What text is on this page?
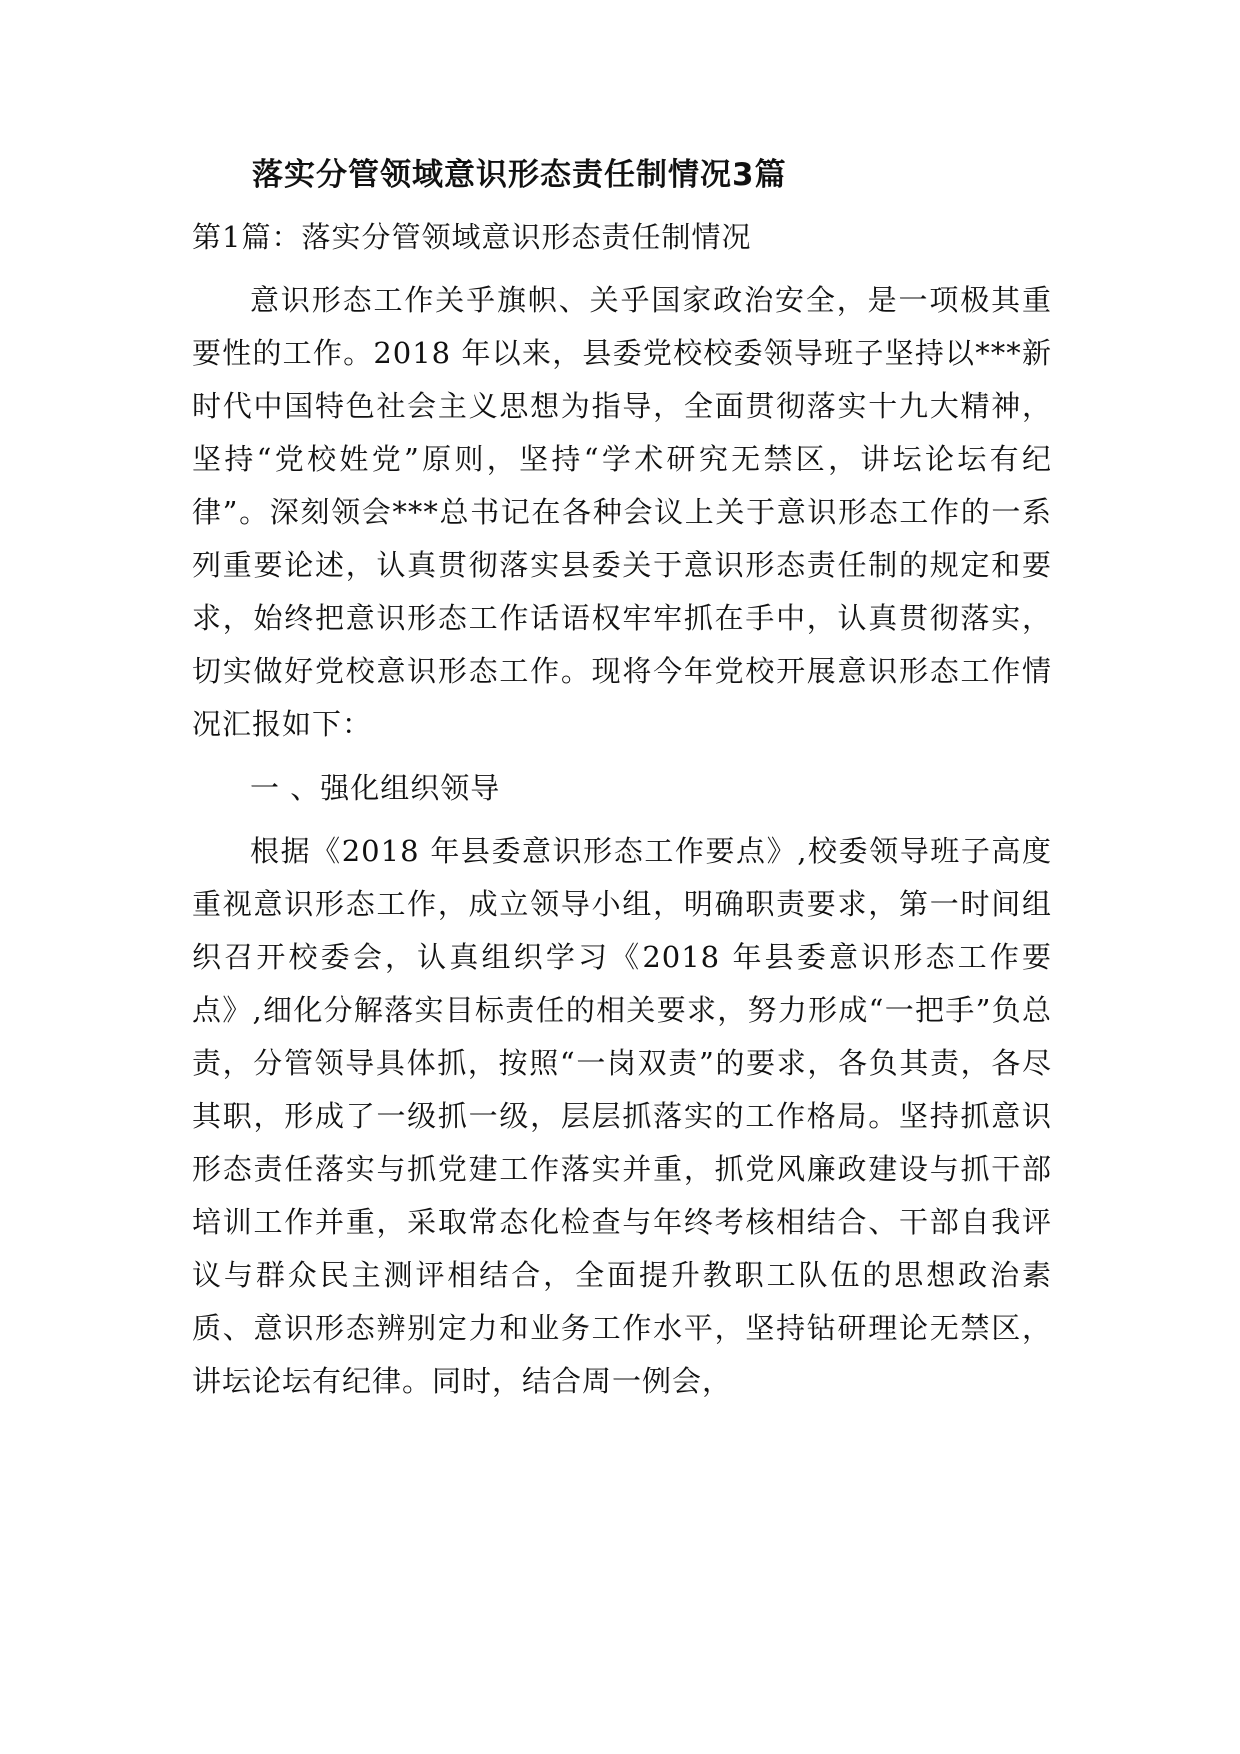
落实分管领域意识形态责任制情况3篇

第1篇：落实分管领域意识形态责任制情况

意识形态工作关乎旗帜、关乎国家政治安全，是一项极其重要性的工作。2018 年以来，县委党校校委领导班子坚持以***新时代中国特色社会主义思想为指导，全面贯彻落实十九大精神，坚持“党校姓党”原则，坚持“学术研究无禁区，讲坛论坛有纪律”。深刻领会***总书记在各种会议上关于意识形态工作的一系列重要论述，认真贯彻落实县委关于意识形态责任制的规定和要求，始终把意识形态工作话语权牢牢抓在手中，认真贯彻落实，切实做好党校意识形态工作。现将今年党校开展意识形态工作情况汇报如下：

一 、强化组织领导

根据《2018 年县委意识形态工作要点》,校委领导班子高度重视意识形态工作，成立领导小组，明确职责要求，第一时间组织召开校委会，认真组织学习《2018 年县委意识形态工作要点》,细化分解落实目标责任的相关要求，努力形成“一把手”负总责，分管领导具体抓，按照“一岗双责”的要求，各负其责，各尽其职，形成了一级抓一级，层层抓落实的工作格局。坚持抓意识形态责任落实与抓党建工作落实并重，抓党风廉政建设与抓干部培训工作并重，采取常态化检查与年终考核相结合、干部自我评议与群众民主测评相结合，全面提升教职工队伍的思想政治素质、意识形态辨别定力和业务工作水平，坚持钻研理论无禁区，讲坛论坛有纪律。同时，结合周一例会，
